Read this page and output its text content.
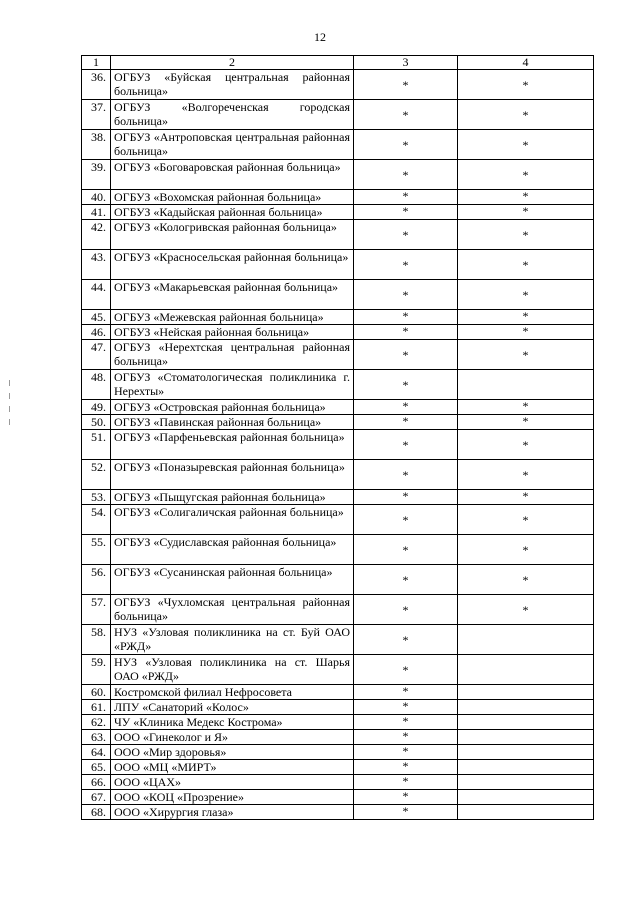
12
1	2	3	4
36.	ОГБУЗ «Буйская центральная районная больница»	*	*
37.	ОГБУЗ «Волгореченская городская больница»	*	*
38.	ОГБУЗ «Антроповская центральная районная больница»	*	*
39.	ОГБУЗ «Боговаровская районная больница»	*	*
40.	ОГБУЗ «Вохомская районная больница»	*	*
41.	ОГБУЗ «Кадыйская районная больница»	*	*
42.	ОГБУЗ «Кологривская районная больница»	*	*
43.	ОГБУЗ «Красносельская районная больница»	*	*
44.	ОГБУЗ «Макарьевская районная больница»	*	*
45.	ОГБУЗ «Межевская районная больница»	*	*
46.	ОГБУЗ «Нейская районная больница»	*	*
47.	ОГБУЗ «Нерехтская центральная районная больница»	*	*
48.	ОГБУЗ «Стоматологическая поликлиника г. Нерехты»	*	
49.	ОГБУЗ «Островская районная больница»	*	*
50.	ОГБУЗ «Павинская районная больница»	*	*
51.	ОГБУЗ «Парфеньевская районная больница»	*	*
52.	ОГБУЗ «Поназыревская районная больница»	*	*
53.	ОГБУЗ «Пыщугская районная больница»	*	*
54.	ОГБУЗ «Солигаличская районная больница»	*	*
55.	ОГБУЗ «Судиславская районная больница»	*	*
56.	ОГБУЗ «Сусанинская районная больница»	*	*
57.	ОГБУЗ «Чухломская центральная районная больница»	*	*
58.	НУЗ «Узловая поликлиника на ст. Буй ОАО «РЖД»	*	
59.	НУЗ «Узловая поликлиника на ст. Шарья ОАО «РЖД»	*	
60.	Костромской филиал Нефросовета	*	
61.	ЛПУ «Санаторий «Колос»	*	
62.	ЧУ «Клиника Медекс Кострома»	*	
63.	ООО «Гинеколог и Я»	*	
64.	ООО «Мир здоровья»	*	
65.	ООО «МЦ «МИРТ»	*	
66.	ООО «ЦАХ»	*	
67.	ООО «КОЦ «Прозрение»	*	
68.	ООО «Хирургия глаза»	*	
